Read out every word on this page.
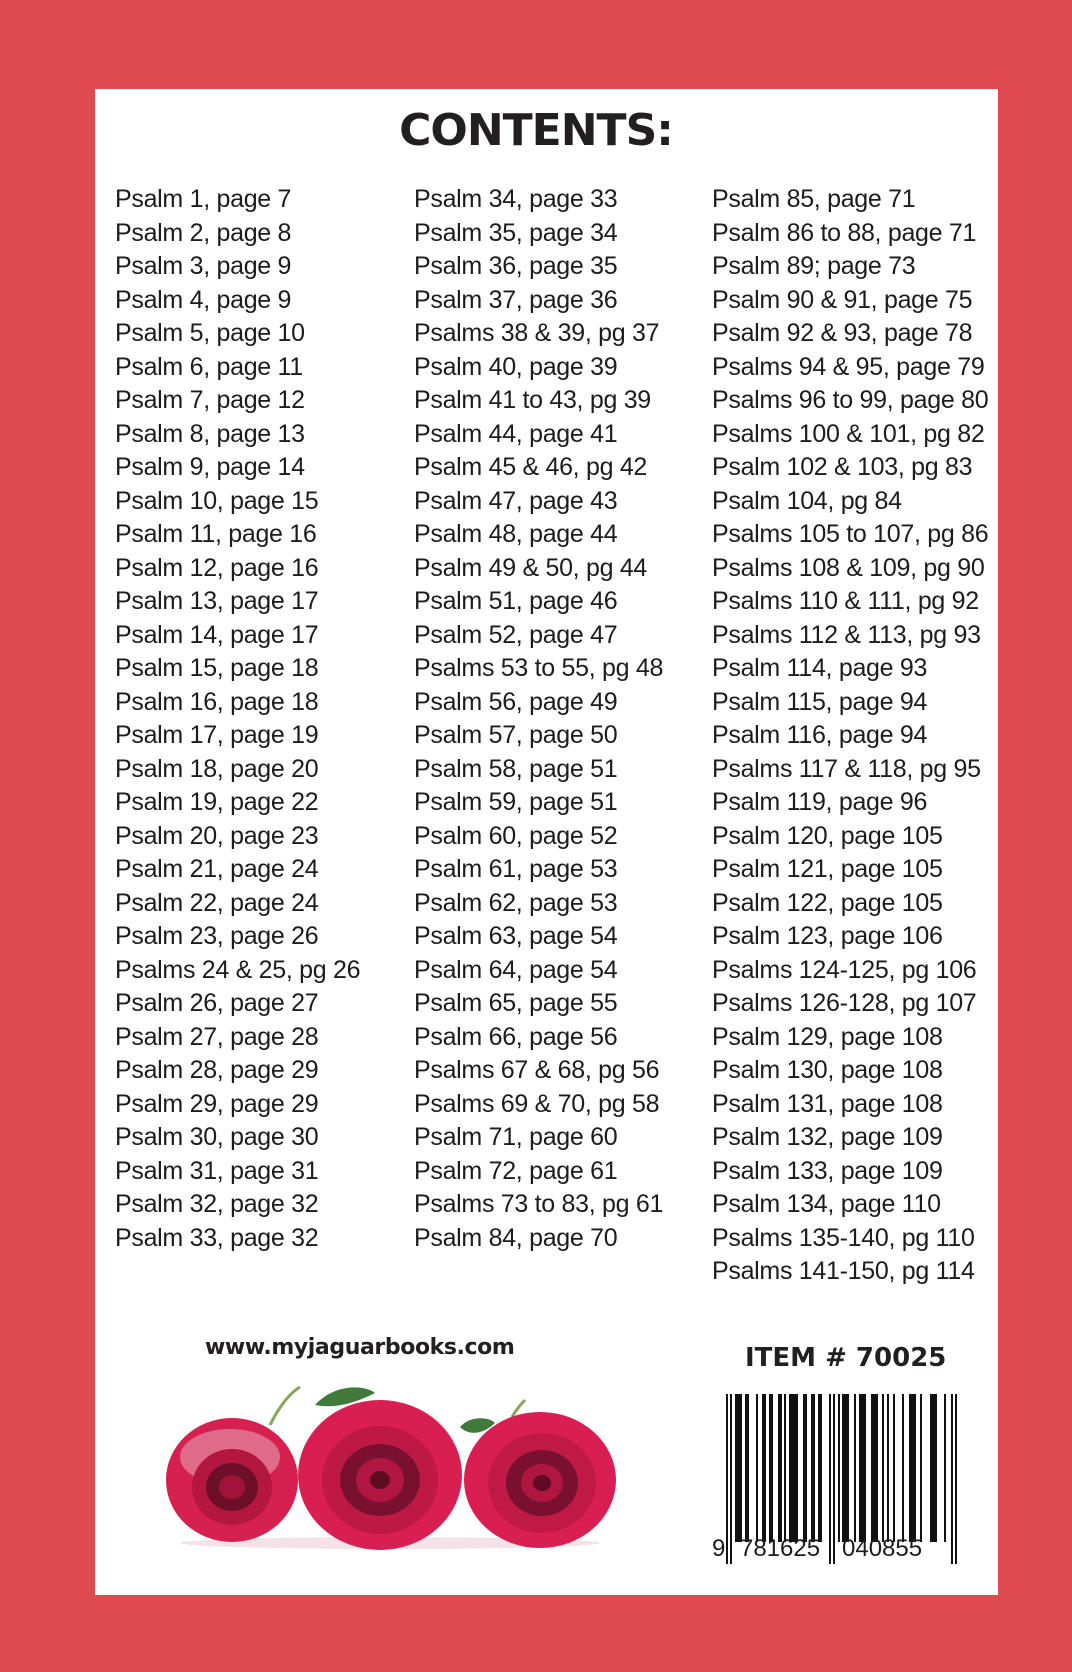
CONTENTS:
Psalm 1, page 7
Psalm 2, page 8
Psalm 3, page 9
Psalm 4, page 9
Psalm 5, page 10
Psalm 6, page 11
Psalm 7, page 12
Psalm 8, page 13
Psalm 9, page 14
Psalm 10, page 15
Psalm 11, page 16
Psalm 12, page 16
Psalm 13, page 17
Psalm 14, page 17
Psalm 15, page 18
Psalm 16, page 18
Psalm 17, page 19
Psalm 18, page 20
Psalm 19, page 22
Psalm 20, page 23
Psalm 21, page 24
Psalm 22, page 24
Psalm 23, page 26
Psalms 24 & 25, pg 26
Psalm 26, page 27
Psalm 27, page 28
Psalm 28, page 29
Psalm 29, page 29
Psalm 30, page 30
Psalm 31, page 31
Psalm 32, page 32
Psalm 33, page 32
Psalm 34, page 33
Psalm 35, page 34
Psalm 36, page 35
Psalm 37, page 36
Psalms 38 & 39, pg 37
Psalm 40, page 39
Psalm 41 to 43, pg 39
Psalm 44, page 41
Psalm 45 & 46, pg 42
Psalm 47, page 43
Psalm 48, page 44
Psalm 49 & 50, pg 44
Psalm 51, page 46
Psalm 52, page 47
Psalms 53 to 55, pg 48
Psalm 56, page 49
Psalm 57, page 50
Psalm 58, page 51
Psalm 59, page 51
Psalm 60, page 52
Psalm 61, page 53
Psalm 62, page 53
Psalm 63, page 54
Psalm 64, page 54
Psalm 65, page 55
Psalm 66, page 56
Psalms 67 & 68, pg 56
Psalms 69 & 70, pg 58
Psalm 71, page 60
Psalm 72, page 61
Psalms 73 to 83, pg 61
Psalm 84, page 70
Psalm 85, page 71
Psalm 86 to 88, page 71
Psalm 89; page 73
Psalm 90 & 91, page 75
Psalm 92 & 93, page 78
Psalms 94 & 95, page 79
Psalms 96 to 99, page 80
Psalms 100 & 101, pg 82
Psalm 102 & 103, pg 83
Psalm 104, pg 84
Psalms 105 to 107, pg 86
Psalms 108 & 109, pg 90
Psalms 110 & 111, pg 92
Psalms 112 & 113, pg 93
Psalm 114, page 93
Psalm 115, page 94
Psalm 116, page 94
Psalms 117 & 118, pg 95
Psalm 119, page 96
Psalm 120, page 105
Psalm 121, page 105
Psalm 122, page 105
Psalm 123, page 106
Psalms 124-125, pg 106
Psalms 126-128, pg 107
Psalm 129, page 108
Psalm 130, page 108
Psalm 131, page 108
Psalm 132, page 109
Psalm 133, page 109
Psalm 134, page 110
Psalms 135-140, pg 110
Psalms 141-150, pg 114
www.myjaguarbooks.com	ITEM # 70025
9 781625 040855
